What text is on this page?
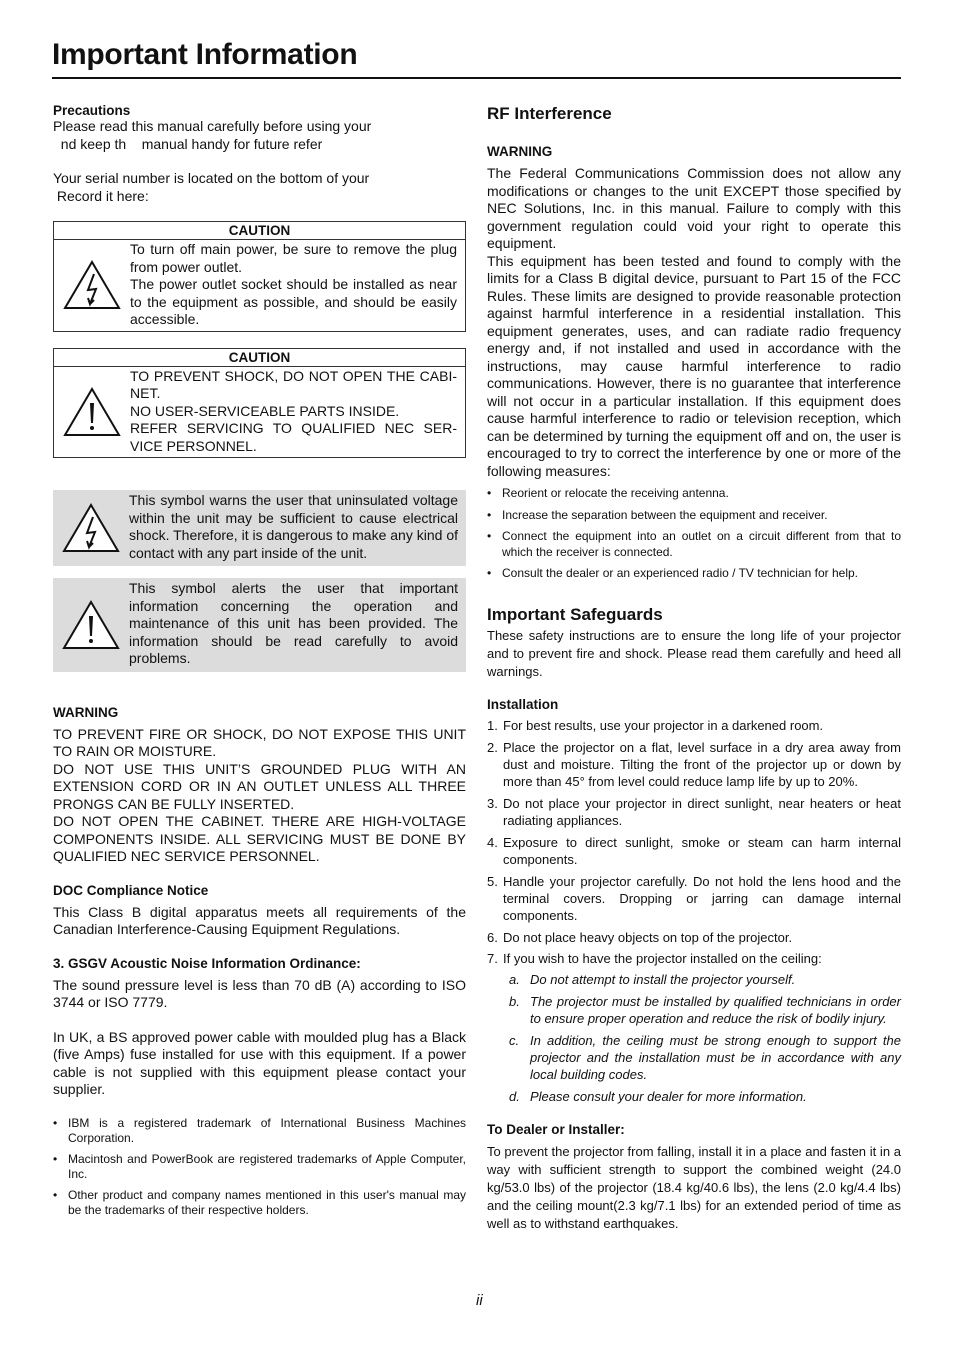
Important Information

Precautions

Please read this manual carefully before using your

nd keep th    manual handy for future refer

Your serial number is located on the bottom of your

Record it here:

CAUTION
To turn off main power, be sure to remove the plug from power outlet.
The power outlet socket should be installed as near to the equipment as possible, and should be easily accessible.
CAUTION
TO PREVENT SHOCK, DO NOT OPEN THE CABI-NET.
NO USER-SERVICEABLE PARTS INSIDE.
REFER SERVICING TO QUALIFIED NEC SER-VICE PERSONNEL.
This symbol warns the user that uninsulated voltage within the unit may be sufficient to cause electrical shock. Therefore, it is dangerous to make any kind of contact with any part inside of the unit.
This symbol alerts the user that important information concerning the operation and maintenance of this unit has been provided. The information should be read carefully to avoid problems.

WARNING

TO PREVENT FIRE OR SHOCK, DO NOT EXPOSE THIS UNIT TO RAIN OR MOISTURE.

DO NOT USE THIS UNIT’S GROUNDED PLUG WITH AN EXTENSION CORD OR IN AN OUTLET UNLESS ALL THREE PRONGS CAN BE FULLY INSERTED.

DO NOT OPEN THE CABINET. THERE ARE HIGH-VOLTAGE COMPONENTS INSIDE. ALL SERVICING MUST BE DONE BY QUALIFIED NEC SERVICE PERSONNEL.

DOC Compliance Notice

This Class B digital apparatus meets all requirements of the Canadian Interference-Causing Equipment Regulations.

3. GSGV Acoustic Noise Information Ordinance:

The sound pressure level is less than 70 dB (A) according to ISO 3744 or ISO 7779.

In UK, a BS approved power cable with moulded plug has a Black (five Amps) fuse installed for use with this equipment. If a power cable is not supplied with this equipment please contact your supplier.

• IBM is a registered trademark of International Business Machines Corporation.
• Macintosh and PowerBook are registered trademarks of Apple Computer, Inc.
• Other product and company names mentioned in this user's manual may be the trademarks of their respective holders.

RF Interference

WARNING

The Federal Communications Commission does not allow any modifications or changes to the unit EXCEPT those specified by NEC Solutions, Inc. in this manual. Failure to comply with this government regulation could void your right to operate this equipment.

This equipment has been tested and found to comply with the limits for a Class B digital device, pursuant to Part 15 of the FCC Rules. These limits are designed to provide reasonable protection against harmful interference in a residential installation. This equipment generates, uses, and can radiate radio frequency energy and, if not installed and used in accordance with the instructions, may cause harmful interference to radio communications. However, there is no guarantee that interference will not occur in a particular installation. If this equipment does cause harmful interference to radio or television reception, which can be determined by turning the equipment off and on, the user is encouraged to try to correct the interference by one or more of the following measures:

• Reorient or relocate the receiving antenna.
• Increase the separation between the equipment and receiver.
• Connect the equipment into an outlet on a circuit different from that to which the receiver is connected.
• Consult the dealer or an experienced radio / TV technician for help.

Important Safeguards

These safety instructions are to ensure the long life of your projector and to prevent fire and shock. Please read them carefully and heed all warnings.

Installation

1. For best results, use your projector in a darkened room.
2. Place the projector on a flat, level surface in a dry area away from dust and moisture. Tilting the front of the projector up or down by more than 45° from level could reduce lamp life by up to 20%.
3. Do not place your projector in direct sunlight, near heaters or heat radiating appliances.
4. Exposure to direct sunlight, smoke or steam can harm internal components.
5. Handle your projector carefully. Do not hold the lens hood and the terminal covers. Dropping or jarring can damage internal components.
6. Do not place heavy objects on top of the projector.
7. If you wish to have the projector installed on the ceiling:
a. Do not attempt to install the projector yourself.
b. The projector must be installed by qualified technicians in order to ensure proper operation and reduce the risk of bodily injury.
c. In addition, the ceiling must be strong enough to support the projector and the installation must be in accordance with any local building codes.
d. Please consult your dealer for more information.

To Dealer or Installer:

To prevent the projector from falling, install it in a place and fasten it in a way with sufficient strength to support the combined weight (24.0 kg/53.0 lbs) of the projector (18.4 kg/40.6 lbs), the lens (2.0 kg/4.4 lbs) and the ceiling mount(2.3 kg/7.1 lbs) for an extended period of time as well as to withstand earthquakes.

ii
